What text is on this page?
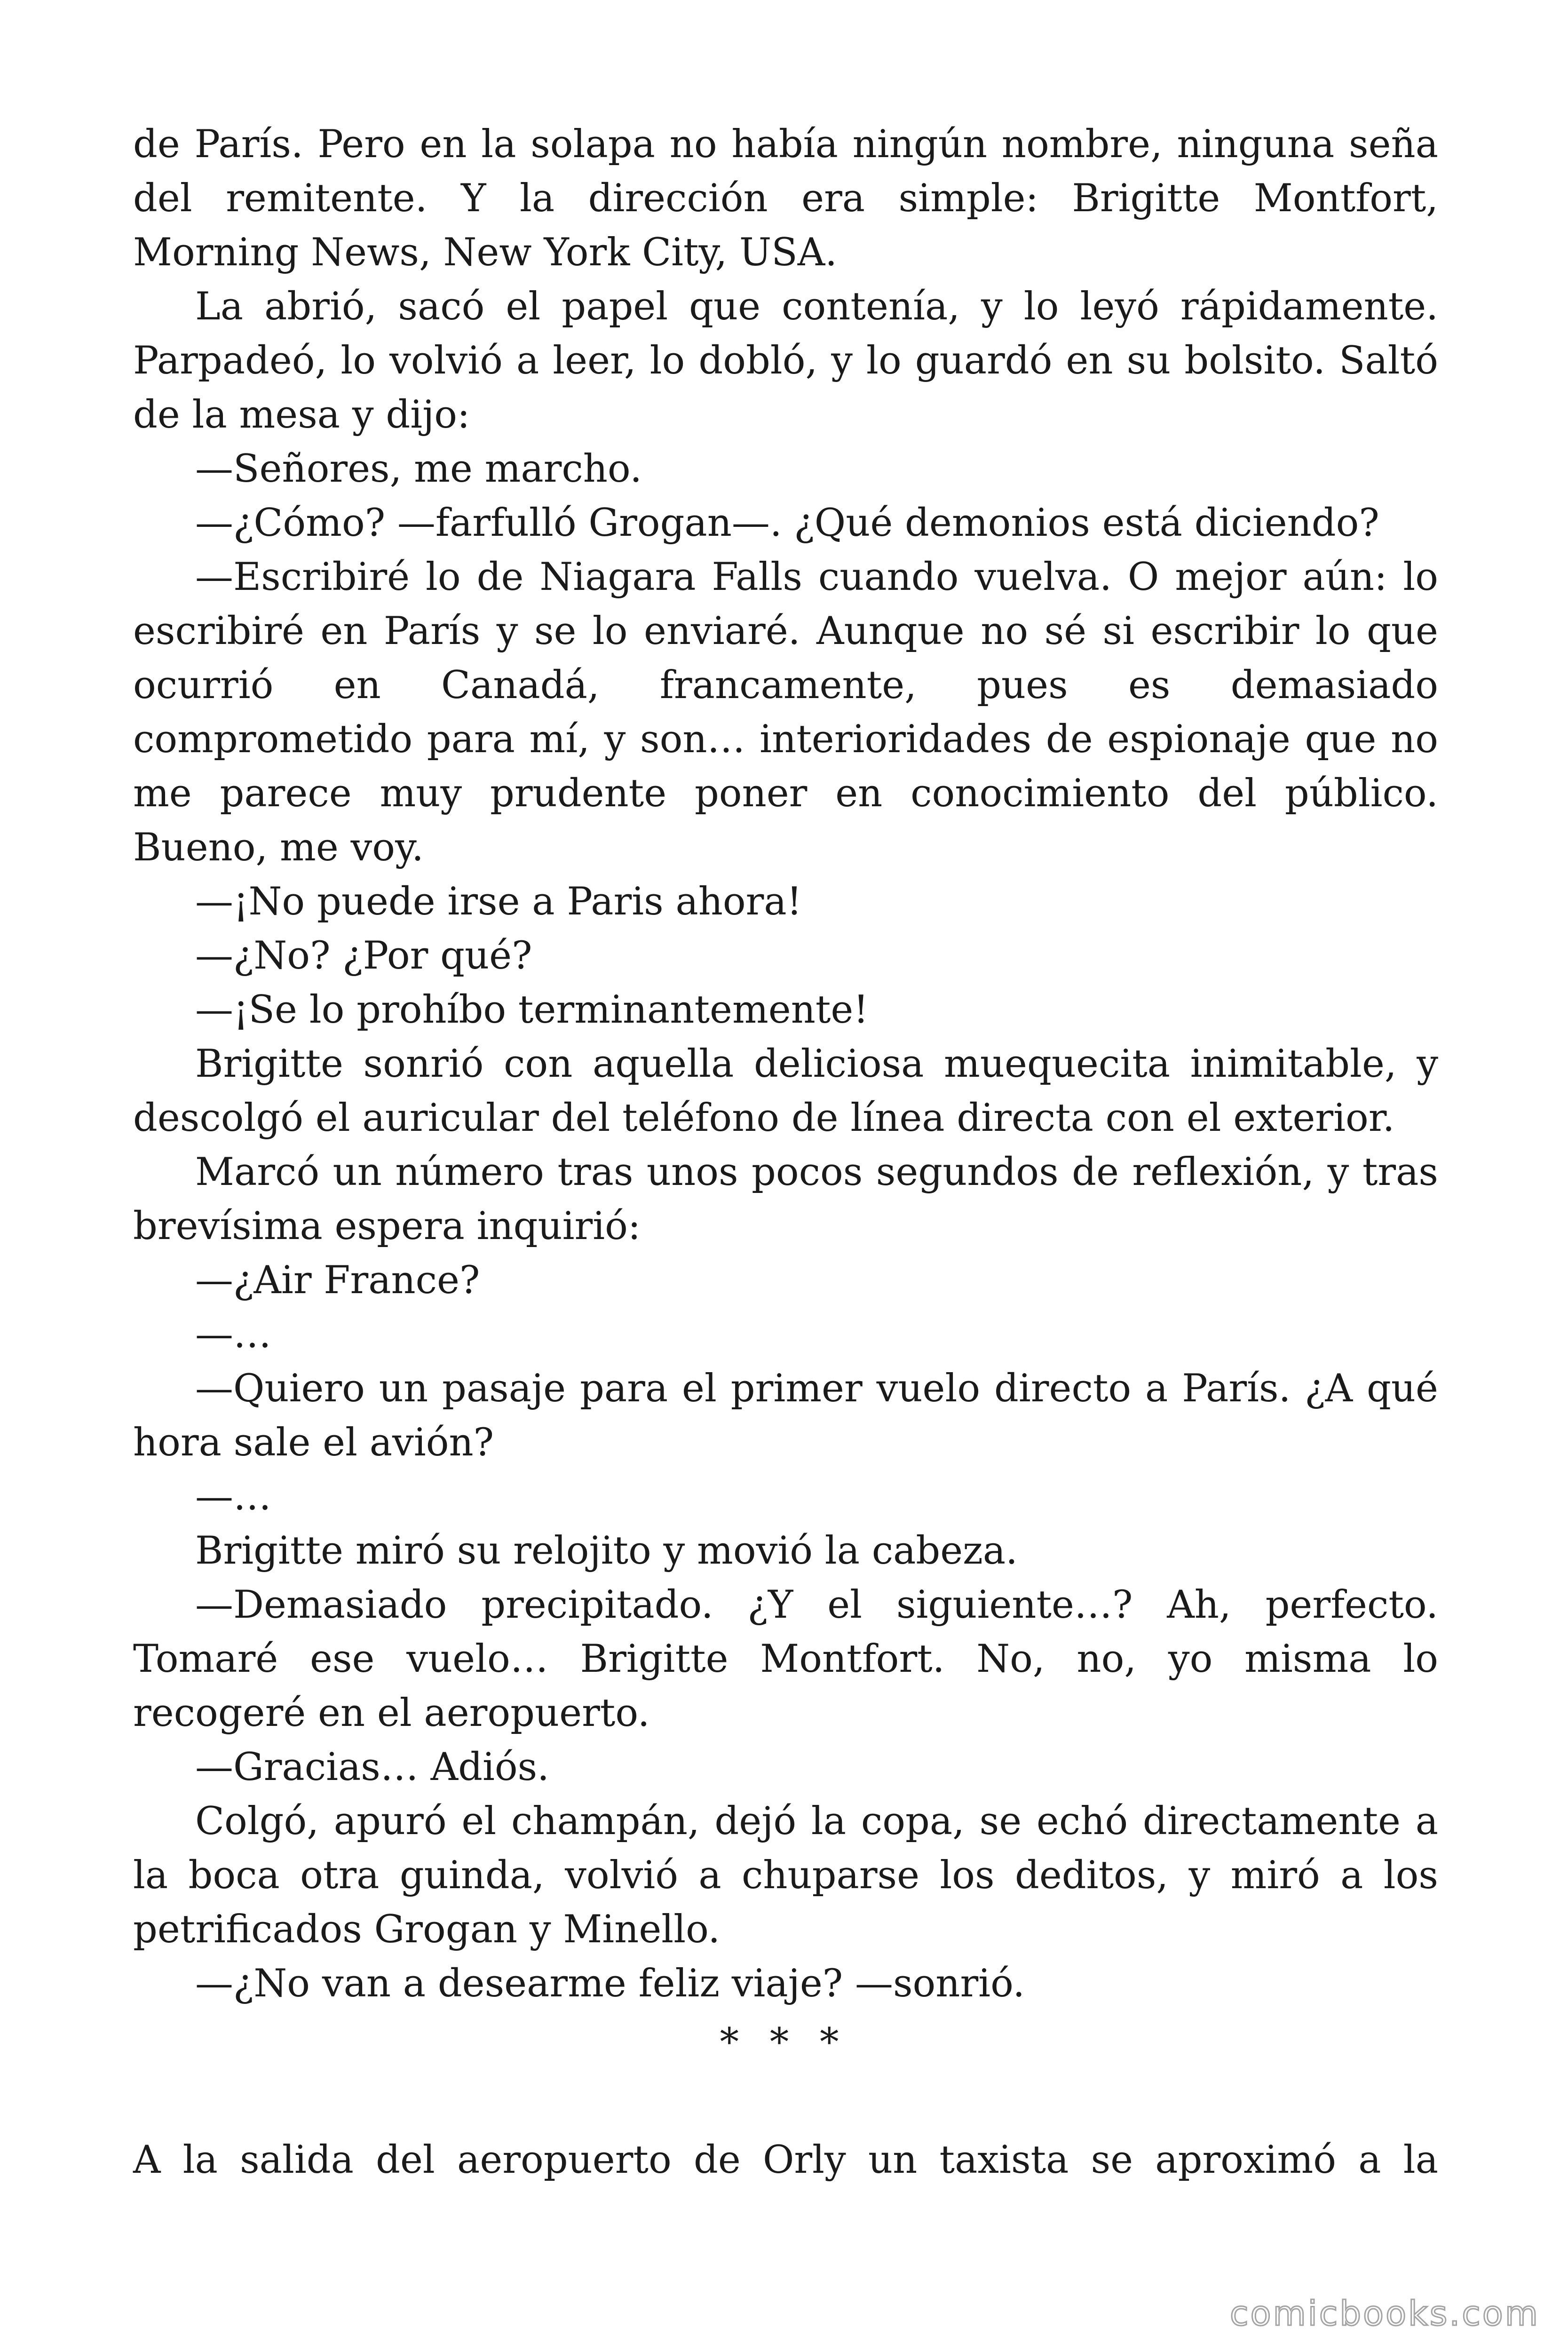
de París. Pero en la solapa no había ningún nombre, ninguna seña del remitente. Y la dirección era simple: Brigitte Montfort, Morning News, New York City, USA.

La abrió, sacó el papel que contenía, y lo leyó rápidamente. Parpadeó, lo volvió a leer, lo dobló, y lo guardó en su bolsito. Saltó de la mesa y dijo:

—Señores, me marcho.

—¿Cómo? —farfulló Grogan—. ¿Qué demonios está diciendo?

—Escribiré lo de Niagara Falls cuando vuelva. O mejor aún: lo escribiré en París y se lo enviaré. Aunque no sé si escribir lo que ocurrió en Canadá, francamente, pues es demasiado comprometido para mí, y son… interioridades de espionaje que no me parece muy prudente poner en conocimiento del público. Bueno, me voy.

—¡No puede irse a Paris ahora!

—¿No? ¿Por qué?

—¡Se lo prohíbo terminantemente!

Brigitte sonrió con aquella deliciosa muequecita inimitable, y descolgó el auricular del teléfono de línea directa con el exterior.

Marcó un número tras unos pocos segundos de reflexión, y tras brevísima espera inquirió:

—¿Air France?

—…

—Quiero un pasaje para el primer vuelo directo a París. ¿A qué hora sale el avión?

—…

Brigitte miró su relojito y movió la cabeza.

—Demasiado precipitado. ¿Y el siguiente…? Ah, perfecto. Tomaré ese vuelo… Brigitte Montfort. No, no, yo misma lo recogeré en el aeropuerto.

—Gracias… Adiós.

Colgó, apuró el champán, dejó la copa, se echó directamente a la boca otra guinda, volvió a chuparse los deditos, y miró a los petrificados Grogan y Minello.

—¿No van a desearme feliz viaje? —sonrió.

* * *

A la salida del aeropuerto de Orly un taxista se aproximó a la

comicbooks.com
